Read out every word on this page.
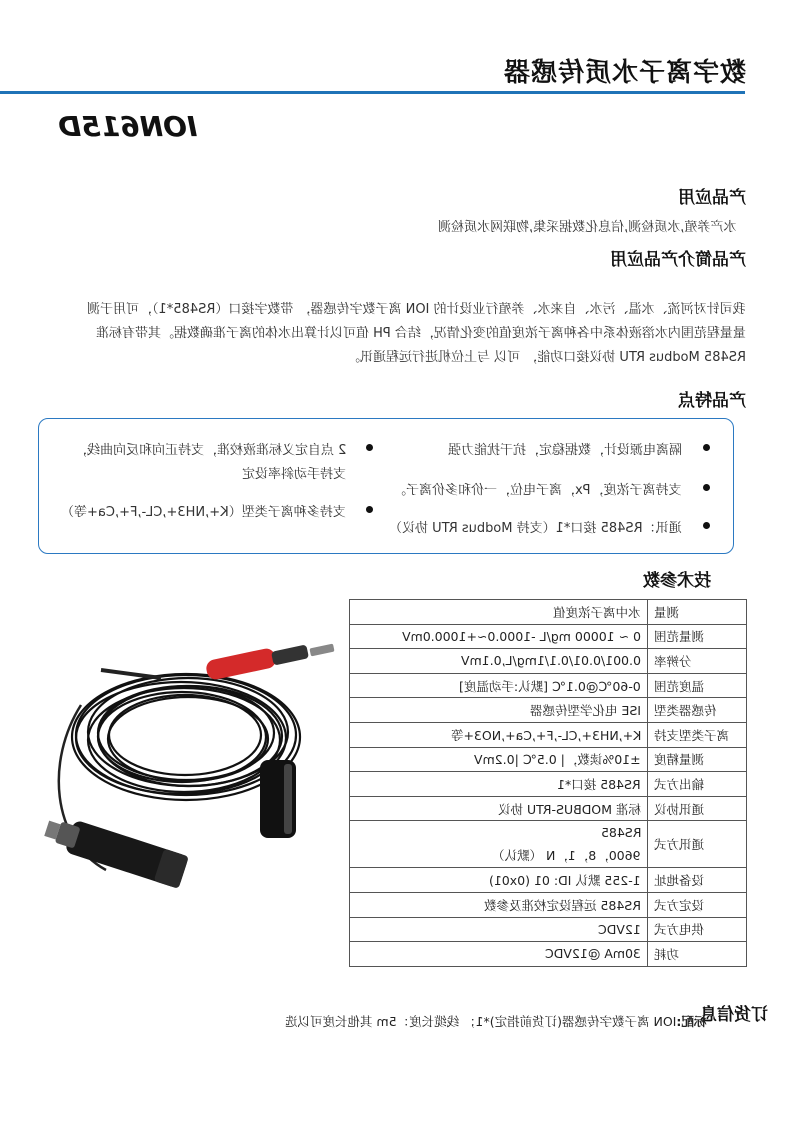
数字离子水质传感器
ION615D
产品应用
水产养殖,水质检测,信息化数据采集,物联网水质检测
产品应用产品简介
我司针对河流、水温、污水、自来水、养殖行业设计的 ION 离子数字传感器， 带数字接口（RS485*1），可用于测
量量程范围内水溶液体系中各种离子浓度值的变化情况，结合 PH 值可以计算出水体的离子准确数据。其带有标准
RS485 Modbus RTU 协议接口功能， 可以 与上位机进行远程通讯。
产品特点
隔离电源设计，数据稳定，抗干扰能力强
支持离子浓度，Px，离子电位，一价和多价离子。
通讯：RS485 接口*1（支持 Modbus RTU 协议）
2 点自定义标准液校准，支持正向和反向曲线，
支持手动斜率设定
支持多种离子类型（K+,NH3+,CL-,F+,Ca+等）
技术参数
水中离子浓度值	测量

0 ~ 10000 mg/L -1000.0~+1000.0mV	测量范围

0.001/0.01/0.1/1mg/L,0.1mV	分辨率

0-60℃@0.1℃ [默认:手动温度]	温度范围

ISE 电化学型传感器	传感器类型

K+,NH3+,CL-,F+,Ca+,NO3+等	离子类型支持

±10%读数，| 0.5℃ |0.2mV	测量精度

RS485 接口*1	输出方式

标准 MODBUS-RTU 协议	通讯协议

RS485
9600，8，1，N （默认）	通讯方式

1-255 默认 ID: 01 (0x01)	设备地址

RS485 远程设定校准及参数	设定方式

12VDC	供电方式

30mA @12VDC	功耗
订货信息
标配:ION 离子数字传感器(订货前指定)*1； 线缆长度：5m 其他长度可以选
